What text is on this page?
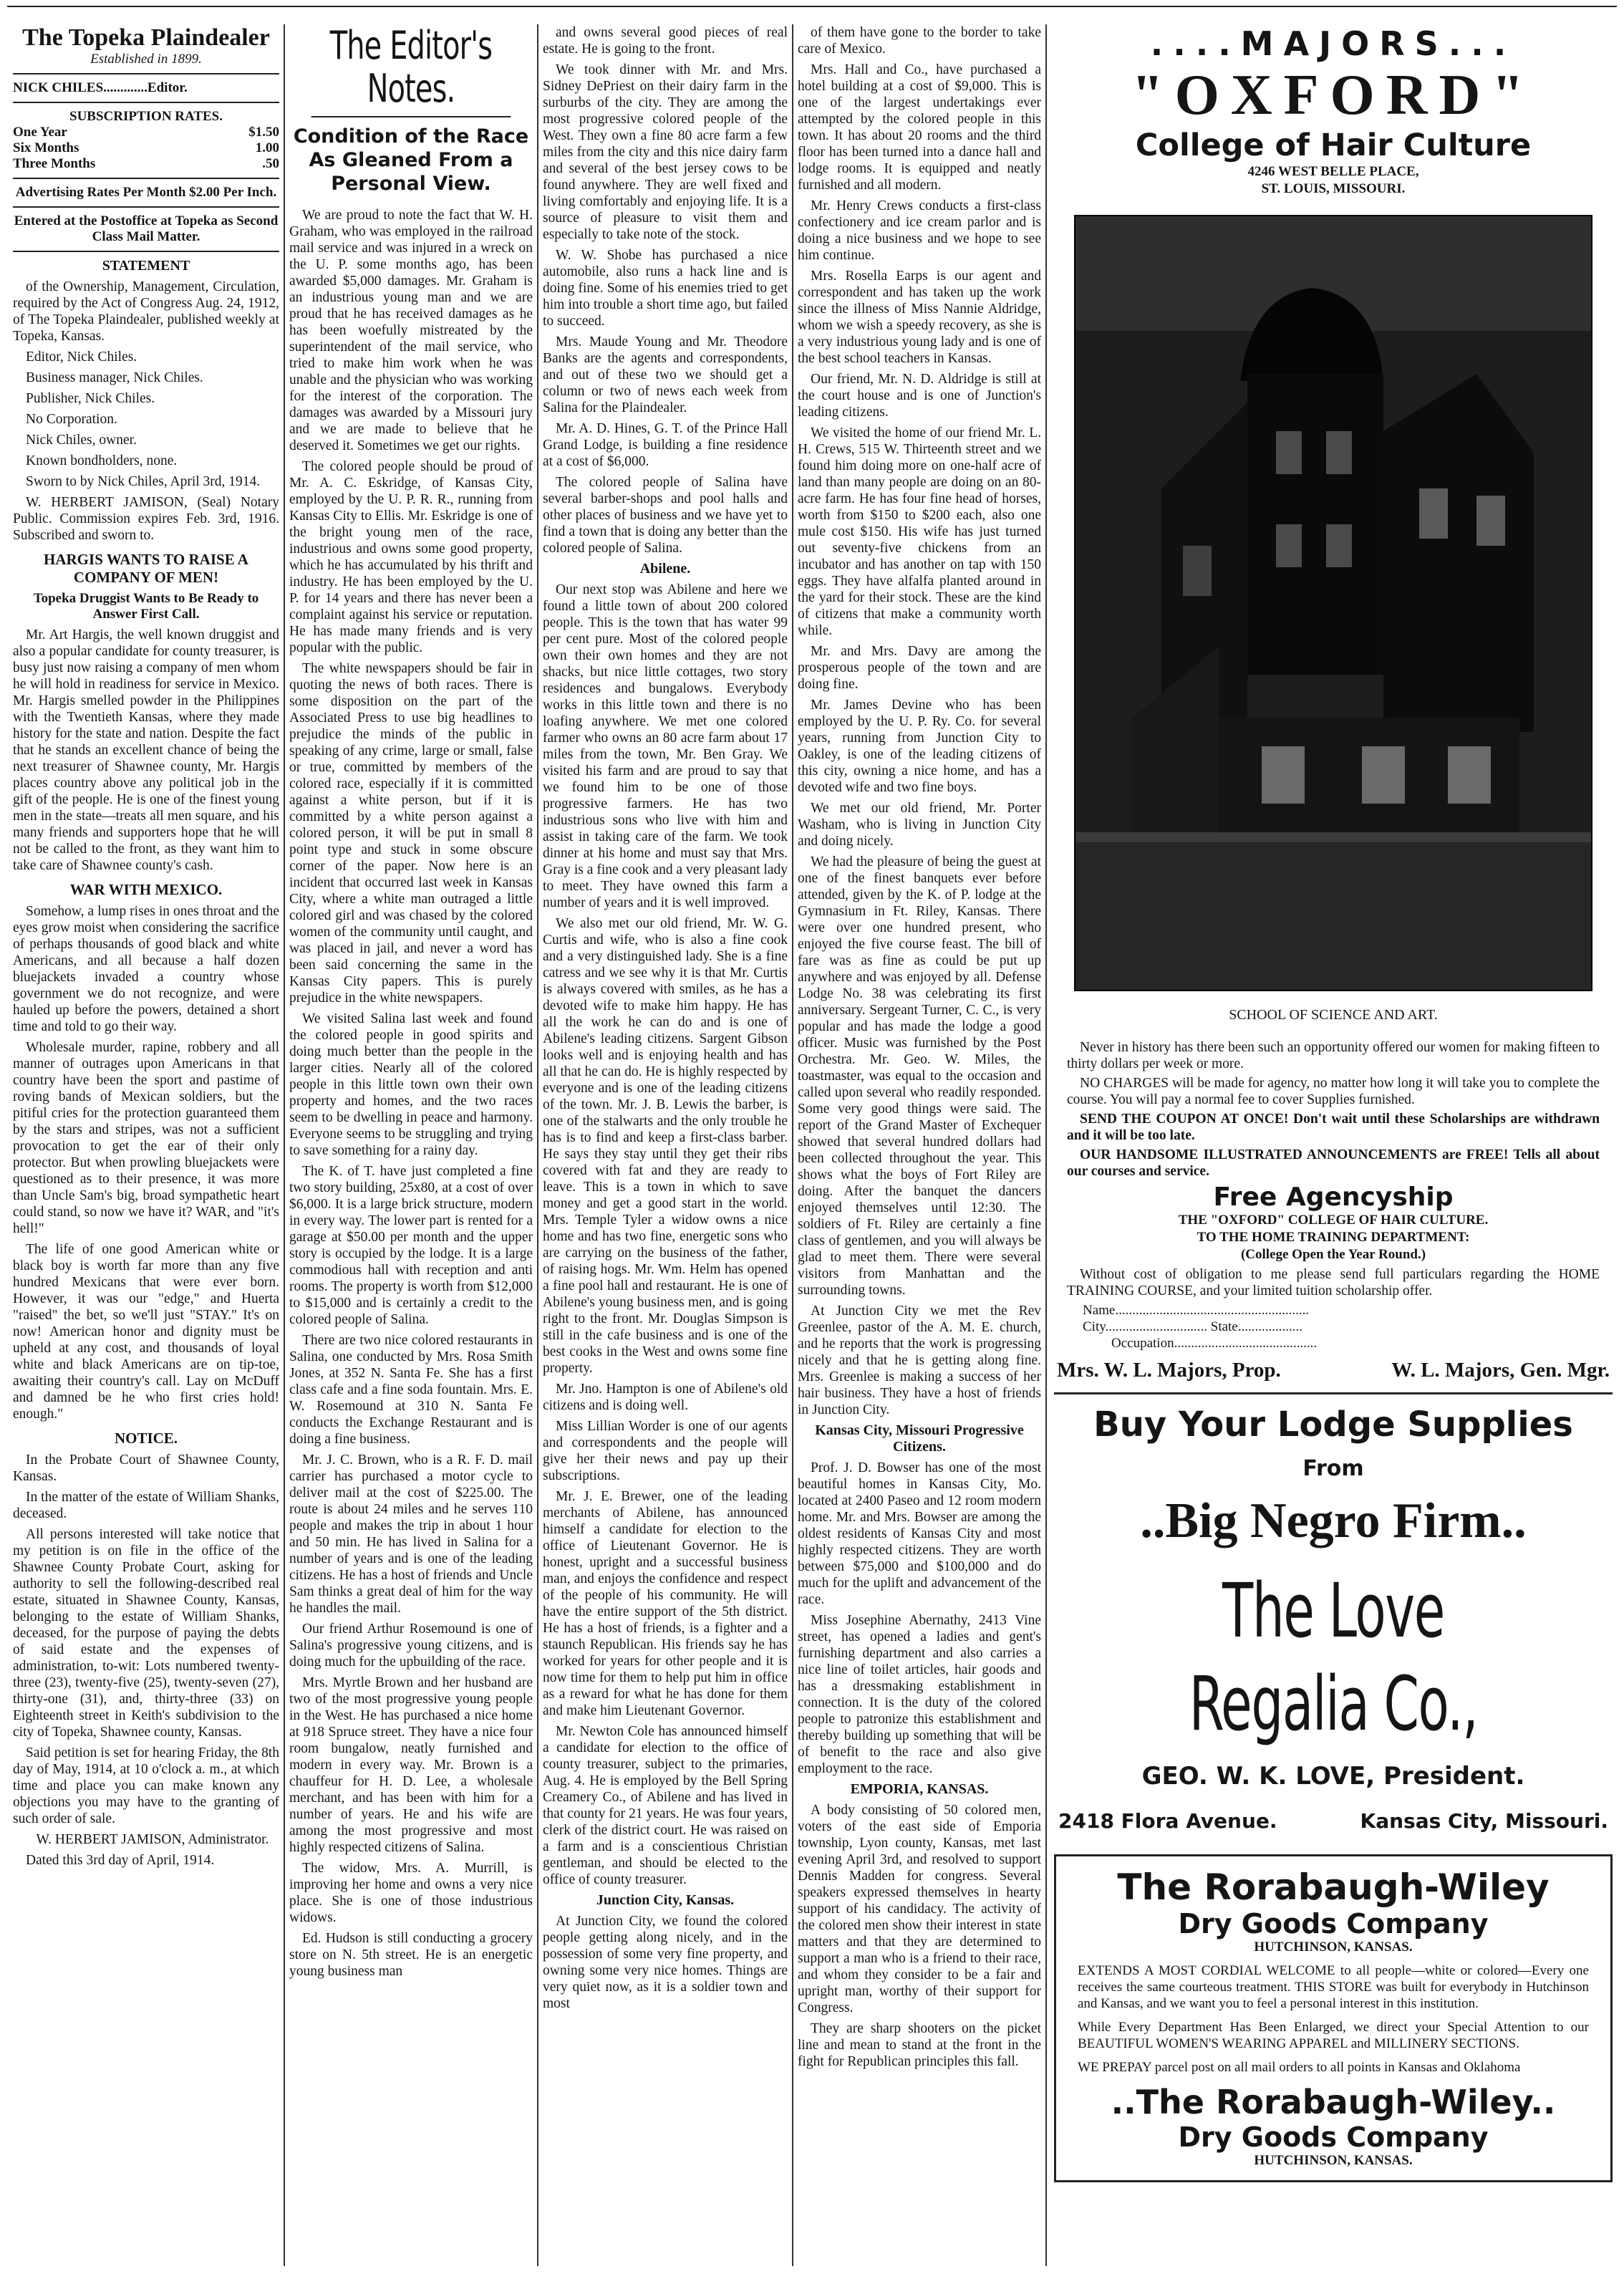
The Topeka Plaindealer
Established in 1899.
NICK CHILES.............Editor.
SUBSCRIPTION RATES.
One Year	$1.50
Six Months	1.00
Three Months	.50
Advertising Rates Per Month $2.00 Per Inch.
Entered at the Postoffice at Topeka as Second Class Mail Matter.
STATEMENT

of the Ownership, Management, Circulation, required by the Act of Congress Aug. 24, 1912, of The Topeka Plaindealer, published weekly at Topeka, Kansas.

Editor, Nick Chiles.

Business manager, Nick Chiles.

Publisher, Nick Chiles.

No Corporation.

Nick Chiles, owner.

Known bondholders, none.

Sworn to by Nick Chiles, April 3rd, 1914.

W. HERBERT JAMISON, (Seal) Notary Public. Commission expires Feb. 3rd, 1916. Subscribed and sworn to.

HARGIS WANTS TO RAISE A COMPANY OF MEN!
Topeka Druggist Wants to Be Ready to Answer First Call.

Mr. Art Hargis, the well known druggist and also a popular candidate for county treasurer, is busy just now raising a company of men whom he will hold in readiness for service in Mexico. Mr. Hargis smelled powder in the Philippines with the Twentieth Kansas, where they made history for the state and nation. Despite the fact that he stands an excellent chance of being the next treasurer of Shawnee county, Mr. Hargis places country above any political job in the gift of the people. He is one of the finest young men in the state—treats all men square, and his many friends and supporters hope that he will not be called to the front, as they want him to take care of Shawnee county's cash.

WAR WITH MEXICO.

Somehow, a lump rises in ones throat and the eyes grow moist when considering the sacrifice of perhaps thousands of good black and white Americans, and all because a half dozen bluejackets invaded a country whose government we do not recognize, and were hauled up before the powers, detained a short time and told to go their way.

Wholesale murder, rapine, robbery and all manner of outrages upon Americans in that country have been the sport and pastime of roving bands of Mexican soldiers, but the pitiful cries for the protection guaranteed them by the stars and stripes, was not a sufficient provocation to get the ear of their only protector. But when prowling bluejackets were questioned as to their presence, it was more than Uncle Sam's big, broad sympathetic heart could stand, so now we have it? WAR, and "it's hell!"

The life of one good American white or black boy is worth far more than any five hundred Mexicans that were ever born. However, it was our "edge," and Huerta "raised" the bet, so we'll just "STAY." It's on now! American honor and dignity must be upheld at any cost, and thousands of loyal white and black Americans are on tip-toe, awaiting their country's call. Lay on McDuff and damned be he who first cries hold! enough."

NOTICE.

In the Probate Court of Shawnee County, Kansas.

In the matter of the estate of William Shanks, deceased.

All persons interested will take notice that my petition is on file in the office of the Shawnee County Probate Court, asking for authority to sell the following-described real estate, situated in Shawnee County, Kansas, belonging to the estate of William Shanks, deceased, for the purpose of paying the debts of said estate and the expenses of administration, to-wit: Lots numbered twenty-three (23), twenty-five (25), twenty-seven (27), thirty-one (31), and, thirty-three (33) on Eighteenth street in Keith's subdivision to the city of Topeka, Shawnee county, Kansas.

Said petition is set for hearing Friday, the 8th day of May, 1914, at 10 o'clock a. m., at which time and place you can make known any objections you may have to the granting of such order of sale.

W. HERBERT JAMISON, Administrator.

Dated this 3rd day of April, 1914.

The Editor's Notes.
Condition of the Race As Gleaned From a Personal View.

We are proud to note the fact that W. H. Graham, who was employed in the railroad mail service and was injured in a wreck on the U. P. some months ago, has been awarded $5,000 damages. Mr. Graham is an industrious young man and we are proud that he has received damages as he has been woefully mistreated by the superintendent of the mail service, who tried to make him work when he was unable and the physician who was working for the interest of the corporation. The damages was awarded by a Missouri jury and we are made to believe that he deserved it. Sometimes we get our rights.

The colored people should be proud of Mr. A. C. Eskridge, of Kansas City, employed by the U. P. R. R., running from Kansas City to Ellis. Mr. Eskridge is one of the bright young men of the race, industrious and owns some good property, which he has accumulated by his thrift and industry. He has been employed by the U. P. for 14 years and there has never been a complaint against his service or reputation. He has made many friends and is very popular with the public.

The white newspapers should be fair in quoting the news of both races. There is some disposition on the part of the Associated Press to use big headlines to prejudice the minds of the public in speaking of any crime, large or small, false or true, committed by members of the colored race, especially if it is committed against a white person, but if it is committed by a white person against a colored person, it will be put in small 8 point type and stuck in some obscure corner of the paper. Now here is an incident that occurred last week in Kansas City, where a white man outraged a little colored girl and was chased by the colored women of the community until caught, and was placed in jail, and never a word has been said concerning the same in the Kansas City papers. This is purely prejudice in the white newspapers.

We visited Salina last week and found the colored people in good spirits and doing much better than the people in the larger cities. Nearly all of the colored people in this little town own their own property and homes, and the two races seem to be dwelling in peace and harmony. Everyone seems to be struggling and trying to save something for a rainy day.

The K. of T. have just completed a fine two story building, 25x80, at a cost of over $6,000. It is a large brick structure, modern in every way. The lower part is rented for a garage at $50.00 per month and the upper story is occupied by the lodge. It is a large commodious hall with reception and anti rooms. The property is worth from $12,000 to $15,000 and is certainly a credit to the colored people of Salina.

There are two nice colored restaurants in Salina, one conducted by Mrs. Rosa Smith Jones, at 352 N. Santa Fe. She has a first class cafe and a fine soda fountain. Mrs. E. W. Rosemound at 310 N. Santa Fe conducts the Exchange Restaurant and is doing a fine business.

Mr. J. C. Brown, who is a R. F. D. mail carrier has purchased a motor cycle to deliver mail at the cost of $225.00. The route is about 24 miles and he serves 110 people and makes the trip in about 1 hour and 50 min. He has lived in Salina for a number of years and is one of the leading citizens. He has a host of friends and Uncle Sam thinks a great deal of him for the way he handles the mail.

Our friend Arthur Rosemound is one of Salina's progressive young citizens, and is doing much for the upbuilding of the race.

Mrs. Myrtle Brown and her husband are two of the most progressive young people in the West. He has purchased a nice home at 918 Spruce street. They have a nice four room bungalow, neatly furnished and modern in every way. Mr. Brown is a chauffeur for H. D. Lee, a wholesale merchant, and has been with him for a number of years. He and his wife are among the most progressive and most highly respected citizens of Salina.

The widow, Mrs. A. Murrill, is improving her home and owns a very nice place. She is one of those industrious widows.

Ed. Hudson is still conducting a grocery store on N. 5th street. He is an energetic young business man

and owns several good pieces of real estate. He is going to the front.

We took dinner with Mr. and Mrs. Sidney DePriest on their dairy farm in the surburbs of the city. They are among the most progressive colored people of the West. They own a fine 80 acre farm a few miles from the city and this nice dairy farm and several of the best jersey cows to be found anywhere. They are well fixed and living comfortably and enjoying life. It is a source of pleasure to visit them and especially to take note of the stock.

W. W. Shobe has purchased a nice automobile, also runs a hack line and is doing fine. Some of his enemies tried to get him into trouble a short time ago, but failed to succeed.

Mrs. Maude Young and Mr. Theodore Banks are the agents and correspondents, and out of these two we should get a column or two of news each week from Salina for the Plaindealer.

Mr. A. D. Hines, G. T. of the Prince Hall Grand Lodge, is building a fine residence at a cost of $6,000.

The colored people of Salina have several barber-shops and pool halls and other places of business and we have yet to find a town that is doing any better than the colored people of Salina.

Abilene.

Our next stop was Abilene and here we found a little town of about 200 colored people. This is the town that has water 99 per cent pure. Most of the colored people own their own homes and they are not shacks, but nice little cottages, two story residences and bungalows. Everybody works in this little town and there is no loafing anywhere. We met one colored farmer who owns an 80 acre farm about 17 miles from the town, Mr. Ben Gray. We visited his farm and are proud to say that we found him to be one of those progressive farmers. He has two industrious sons who live with him and assist in taking care of the farm. We took dinner at his home and must say that Mrs. Gray is a fine cook and a very pleasant lady to meet. They have owned this farm a number of years and it is well improved.

We also met our old friend, Mr. W. G. Curtis and wife, who is also a fine cook and a very distinguished lady. She is a fine catress and we see why it is that Mr. Curtis is always covered with smiles, as he has a devoted wife to make him happy. He has all the work he can do and is one of Abilene's leading citizens. Sargent Gibson looks well and is enjoying health and has all that he can do. He is highly respected by everyone and is one of the leading citizens of the town. Mr. J. B. Lewis the barber, is one of the stalwarts and the only trouble he has is to find and keep a first-class barber. He says they stay until they get their ribs covered with fat and they are ready to leave. This is a town in which to save money and get a good start in the world. Mrs. Temple Tyler a widow owns a nice home and has two fine, energetic sons who are carrying on the business of the father, of raising hogs. Mr. Wm. Helm has opened a fine pool hall and restaurant. He is one of Abilene's young business men, and is going right to the front. Mr. Douglas Simpson is still in the cafe business and is one of the best cooks in the West and owns some fine property.

Mr. Jno. Hampton is one of Abilene's old citizens and is doing well.

Miss Lillian Worder is one of our agents and correspondents and the people will give her their news and pay up their subscriptions.

Mr. J. E. Brewer, one of the leading merchants of Abilene, has announced himself a candidate for election to the office of Lieutenant Governor. He is honest, upright and a successful business man, and enjoys the confidence and respect of the people of his community. He will have the entire support of the 5th district. He has a host of friends, is a fighter and a staunch Republican. His friends say he has worked for years for other people and it is now time for them to help put him in office as a reward for what he has done for them and make him Lieutenant Governor.

Mr. Newton Cole has announced himself a candidate for election to the office of county treasurer, subject to the primaries, Aug. 4. He is employed by the Bell Spring Creamery Co., of Abilene and has lived in that county for 21 years. He was four years, clerk of the district court. He was raised on a farm and is a conscientious Christian gentleman, and should be elected to the office of county treasurer.

Junction City, Kansas.

At Junction City, we found the colored people getting along nicely, and in the possession of some very fine property, and owning some very nice homes. Things are very quiet now, as it is a soldier town and most

of them have gone to the border to take care of Mexico.

Mrs. Hall and Co., have purchased a hotel building at a cost of $9,000. This is one of the largest undertakings ever attempted by the colored people in this town. It has about 20 rooms and the third floor has been turned into a dance hall and lodge rooms. It is equipped and neatly furnished and all modern.

Mr. Henry Crews conducts a first-class confectionery and ice cream parlor and is doing a nice business and we hope to see him continue.

Mrs. Rosella Earps is our agent and correspondent and has taken up the work since the illness of Miss Nannie Aldridge, whom we wish a speedy recovery, as she is a very industrious young lady and is one of the best school teachers in Kansas.

Our friend, Mr. N. D. Aldridge is still at the court house and is one of Junction's leading citizens.

We visited the home of our friend Mr. L. H. Crews, 515 W. Thirteenth street and we found him doing more on one-half acre of land than many people are doing on an 80-acre farm. He has four fine head of horses, worth from $150 to $200 each, also one mule cost $150. His wife has just turned out seventy-five chickens from an incubator and has another on tap with 150 eggs. They have alfalfa planted around in the yard for their stock. These are the kind of citizens that make a community worth while.

Mr. and Mrs. Davy are among the prosperous people of the town and are doing fine.

Mr. James Devine who has been employed by the U. P. Ry. Co. for several years, running from Junction City to Oakley, is one of the leading citizens of this city, owning a nice home, and has a devoted wife and two fine boys.

We met our old friend, Mr. Porter Washam, who is living in Junction City and doing nicely.

We had the pleasure of being the guest at one of the finest banquets ever before attended, given by the K. of P. lodge at the Gymnasium in Ft. Riley, Kansas. There were over one hundred present, who enjoyed the five course feast. The bill of fare was as fine as could be put up anywhere and was enjoyed by all. Defense Lodge No. 38 was celebrating its first anniversary. Sergeant Turner, C. C., is very popular and has made the lodge a good officer. Music was furnished by the Post Orchestra. Mr. Geo. W. Miles, the toastmaster, was equal to the occasion and called upon several who readily responded. Some very good things were said. The report of the Grand Master of Exchequer showed that several hundred dollars had been collected throughout the year. This shows what the boys of Fort Riley are doing. After the banquet the dancers enjoyed themselves until 12:30. The soldiers of Ft. Riley are certainly a fine class of gentlemen, and you will always be glad to meet them. There were several visitors from Manhattan and the surrounding towns.

At Junction City we met the Rev Greenlee, pastor of the A. M. E. church, and he reports that the work is progressing nicely and that he is getting along fine. Mrs. Greenlee is making a success of her hair business. They have a host of friends in Junction City.

Kansas City, Missouri Progressive Citizens.

Prof. J. D. Bowser has one of the most beautiful homes in Kansas City, Mo. located at 2400 Paseo and 12 room modern home. Mr. and Mrs. Bowser are among the oldest residents of Kansas City and most highly respected citizens. They are worth between $75,000 and $100,000 and do much for the uplift and advancement of the race.

Miss Josephine Abernathy, 2413 Vine street, has opened a ladies and gent's furnishing department and also carries a nice line of toilet articles, hair goods and has a dressmaking establishment in connection. It is the duty of the colored people to patronize this establishment and thereby building up something that will be of benefit to the race and also give employment to the race.

EMPORIA, KANSAS.

A body consisting of 50 colored men, voters of the east side of Emporia township, Lyon county, Kansas, met last evening April 3rd, and resolved to support Dennis Madden for congress. Several speakers expressed themselves in hearty support of his candidacy. The activity of the colored men show their interest in state matters and that they are determined to support a man who is a friend to their race, and whom they consider to be a fair and upright man, worthy of their support for Congress.

They are sharp shooters on the picket line and mean to stand at the front in the fight for Republican principles this fall.

....MAJORS...
"OXFORD"
College of Hair Culture
4246 WEST BELLE PLACE,
ST. LOUIS, MISSOURI.
SCHOOL OF SCIENCE AND ART.

Never in history has there been such an opportunity offered our women for making fifteen to thirty dollars per week or more.

NO CHARGES will be made for agency, no matter how long it will take you to complete the course. You will pay a normal fee to cover Supplies furnished.

SEND THE COUPON AT ONCE! Don't wait until these Scholarships are withdrawn and it will be too late.

OUR HANDSOME ILLUSTRATED ANNOUNCEMENTS are FREE! Tells all about our courses and service.

Free Agencyship
THE "OXFORD" COLLEGE OF HAIR CULTURE.
TO THE HOME TRAINING DEPARTMENT:
(College Open the Year Round.)

Without cost of obligation to me please send full particulars regarding the HOME TRAINING COURSE, and your limited tuition scholarship offer.

Name.........................................................
City.............................. State...................
Occupation..........................................
Mrs. W. L. Majors, Prop.	W. L. Majors, Gen. Mgr.
Buy Your Lodge Supplies
From
..Big Negro Firm..
The Love Regalia Co.,
GEO. W. K. LOVE, President.
2418 Flora Avenue.	Kansas City, Missouri.
The Rorabaugh-Wiley
Dry Goods Company
HUTCHINSON, KANSAS.
EXTENDS A MOST CORDIAL WELCOME to all people—white or colored—Every one receives the same courteous treatment. THIS STORE was built for everybody in Hutchinson and Kansas, and we want you to feel a personal interest in this institution.
While Every Department Has Been Enlarged, we direct your Special Attention to our BEAUTIFUL WOMEN'S WEARING APPAREL and MILLINERY SECTIONS.
WE PREPAY parcel post on all mail orders to all points in Kansas and Oklahoma
..The Rorabaugh-Wiley..
Dry Goods Company
HUTCHINSON, KANSAS.
